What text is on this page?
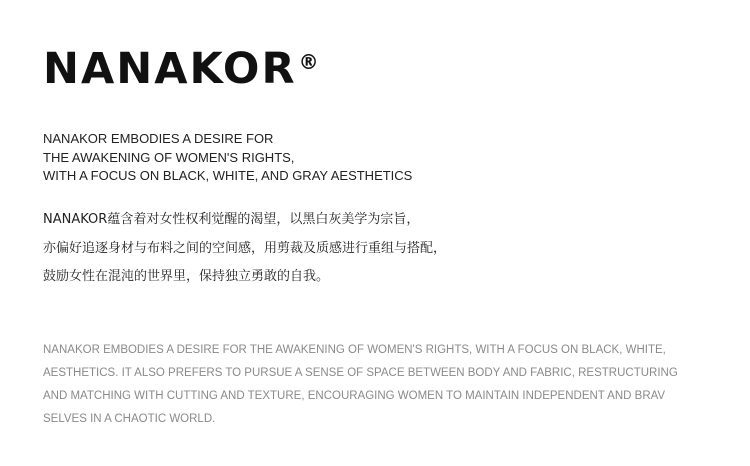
NANAKOR ®
NANAKOR EMBODIES A DESIRE FOR
THE AWAKENING OF WOMEN'S RIGHTS,
WITH A FOCUS ON BLACK, WHITE, AND GRAY AESTHETICS
NANAKOR蕴含着对女性权利觉醒的渴望，以黑白灰美学为宗旨，
亦偏好追逐身材与布料之间的空间感，用剪裁及质感进行重组与搭配，
鼓励女性在混沌的世界里，保持独立勇敢的自我。
NANAKOR EMBODIES A DESIRE FOR THE AWAKENING OF WOMEN'S RIGHTS, WITH A FOCUS ON BLACK, WHITE,
AESTHETICS. IT ALSO PREFERS TO PURSUE A SENSE OF SPACE BETWEEN BODY AND FABRIC, RESTRUCTURING
AND MATCHING WITH CUTTING AND TEXTURE, ENCOURAGING WOMEN TO MAINTAIN INDEPENDENT AND BRAV
SELVES IN A CHAOTIC WORLD.
